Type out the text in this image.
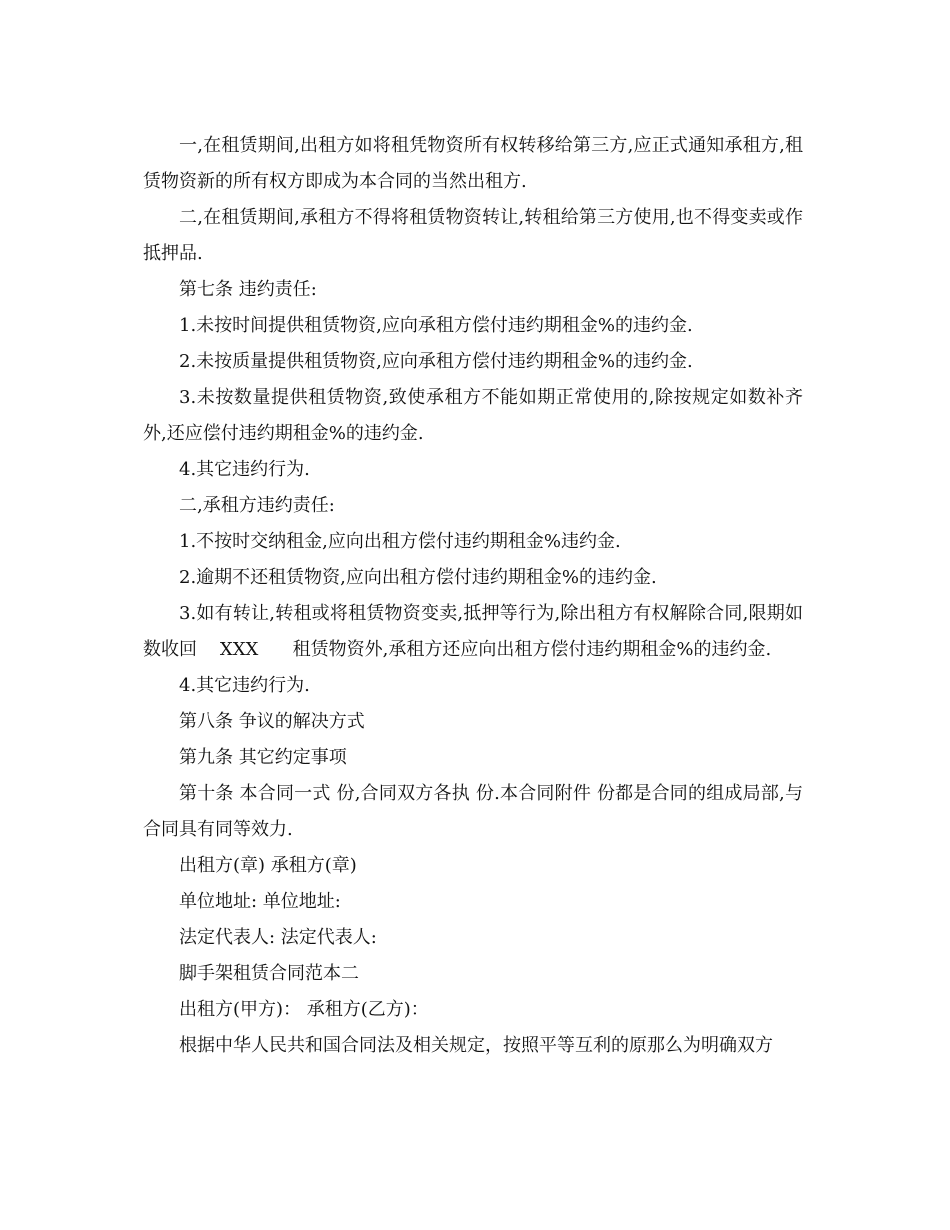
一,在租赁期间,出租方如将租凭物资所有权转移给第三方,应正式通知承租方,租赁物资新的所有权方即成为本合同的当然出租方.

二,在租赁期间,承租方不得将租赁物资转让,转租给第三方使用,也不得变卖或作抵押品.

第七条 违约责任:

1.未按时间提供租赁物资,应向承租方偿付违约期租金%的违约金.

2.未按质量提供租赁物资,应向承租方偿付违约期租金%的违约金.

3.未按数量提供租赁物资,致使承租方不能如期正常使用的,除按规定如数补齐外,还应偿付违约期租金%的违约金.

4.其它违约行为.

二,承租方违约责任:

1.不按时交纳租金,应向出租方偿付违约期租金%违约金.

2.逾期不还租赁物资,应向出租方偿付违约期租金%的违约金.

3.如有转让,转租或将租赁物资变卖,抵押等行为,除出租方有权解除合同,限期如数收回    XXX      租赁物资外,承租方还应向出租方偿付违约期租金%的违约金.

4.其它违约行为.

第八条 争议的解决方式

第九条 其它约定事项

第十条 本合同一式 份,合同双方各执 份.本合同附件 份都是合同的组成局部,与合同具有同等效力.

出租方(章) 承租方(章)

单位地址: 单位地址:

法定代表人: 法定代表人:

脚手架租赁合同范本二

出租方(甲方)： 承租方(乙方)：

根据中华人民共和国合同法及相关规定，按照平等互利的原那么为明确双方
